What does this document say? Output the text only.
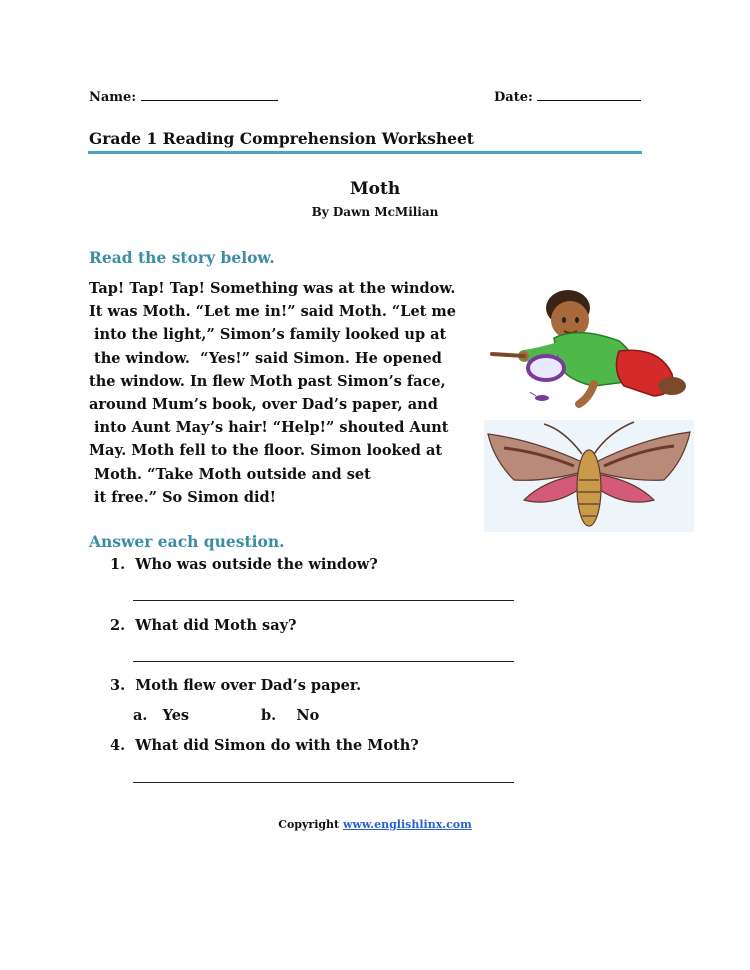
Name:	Date:
Grade 1 Reading Comprehension Worksheet
Moth
By Dawn McMilian
Read the story below.
Tap! Tap! Tap! Something was at the window.
It was Moth. “Let me in!” said Moth. “Let me
into the light,” Simon’s family looked up at
the window.  “Yes!” said Simon. He opened
the window. In flew Moth past Simon’s face,
around Mum’s book, over Dad’s paper, and
into Aunt May’s hair! “Help!” shouted Aunt
May. Moth fell to the floor. Simon looked at
Moth. “Take Moth outside and set
it free.” So Simon did!
Answer each question.
1. Who was outside the window?
2. What did Moth say?
3. Moth flew over Dad’s paper.
a. Yes	b. No
4. What did Simon do with the Moth?
Copyright www.englishlinx.com
